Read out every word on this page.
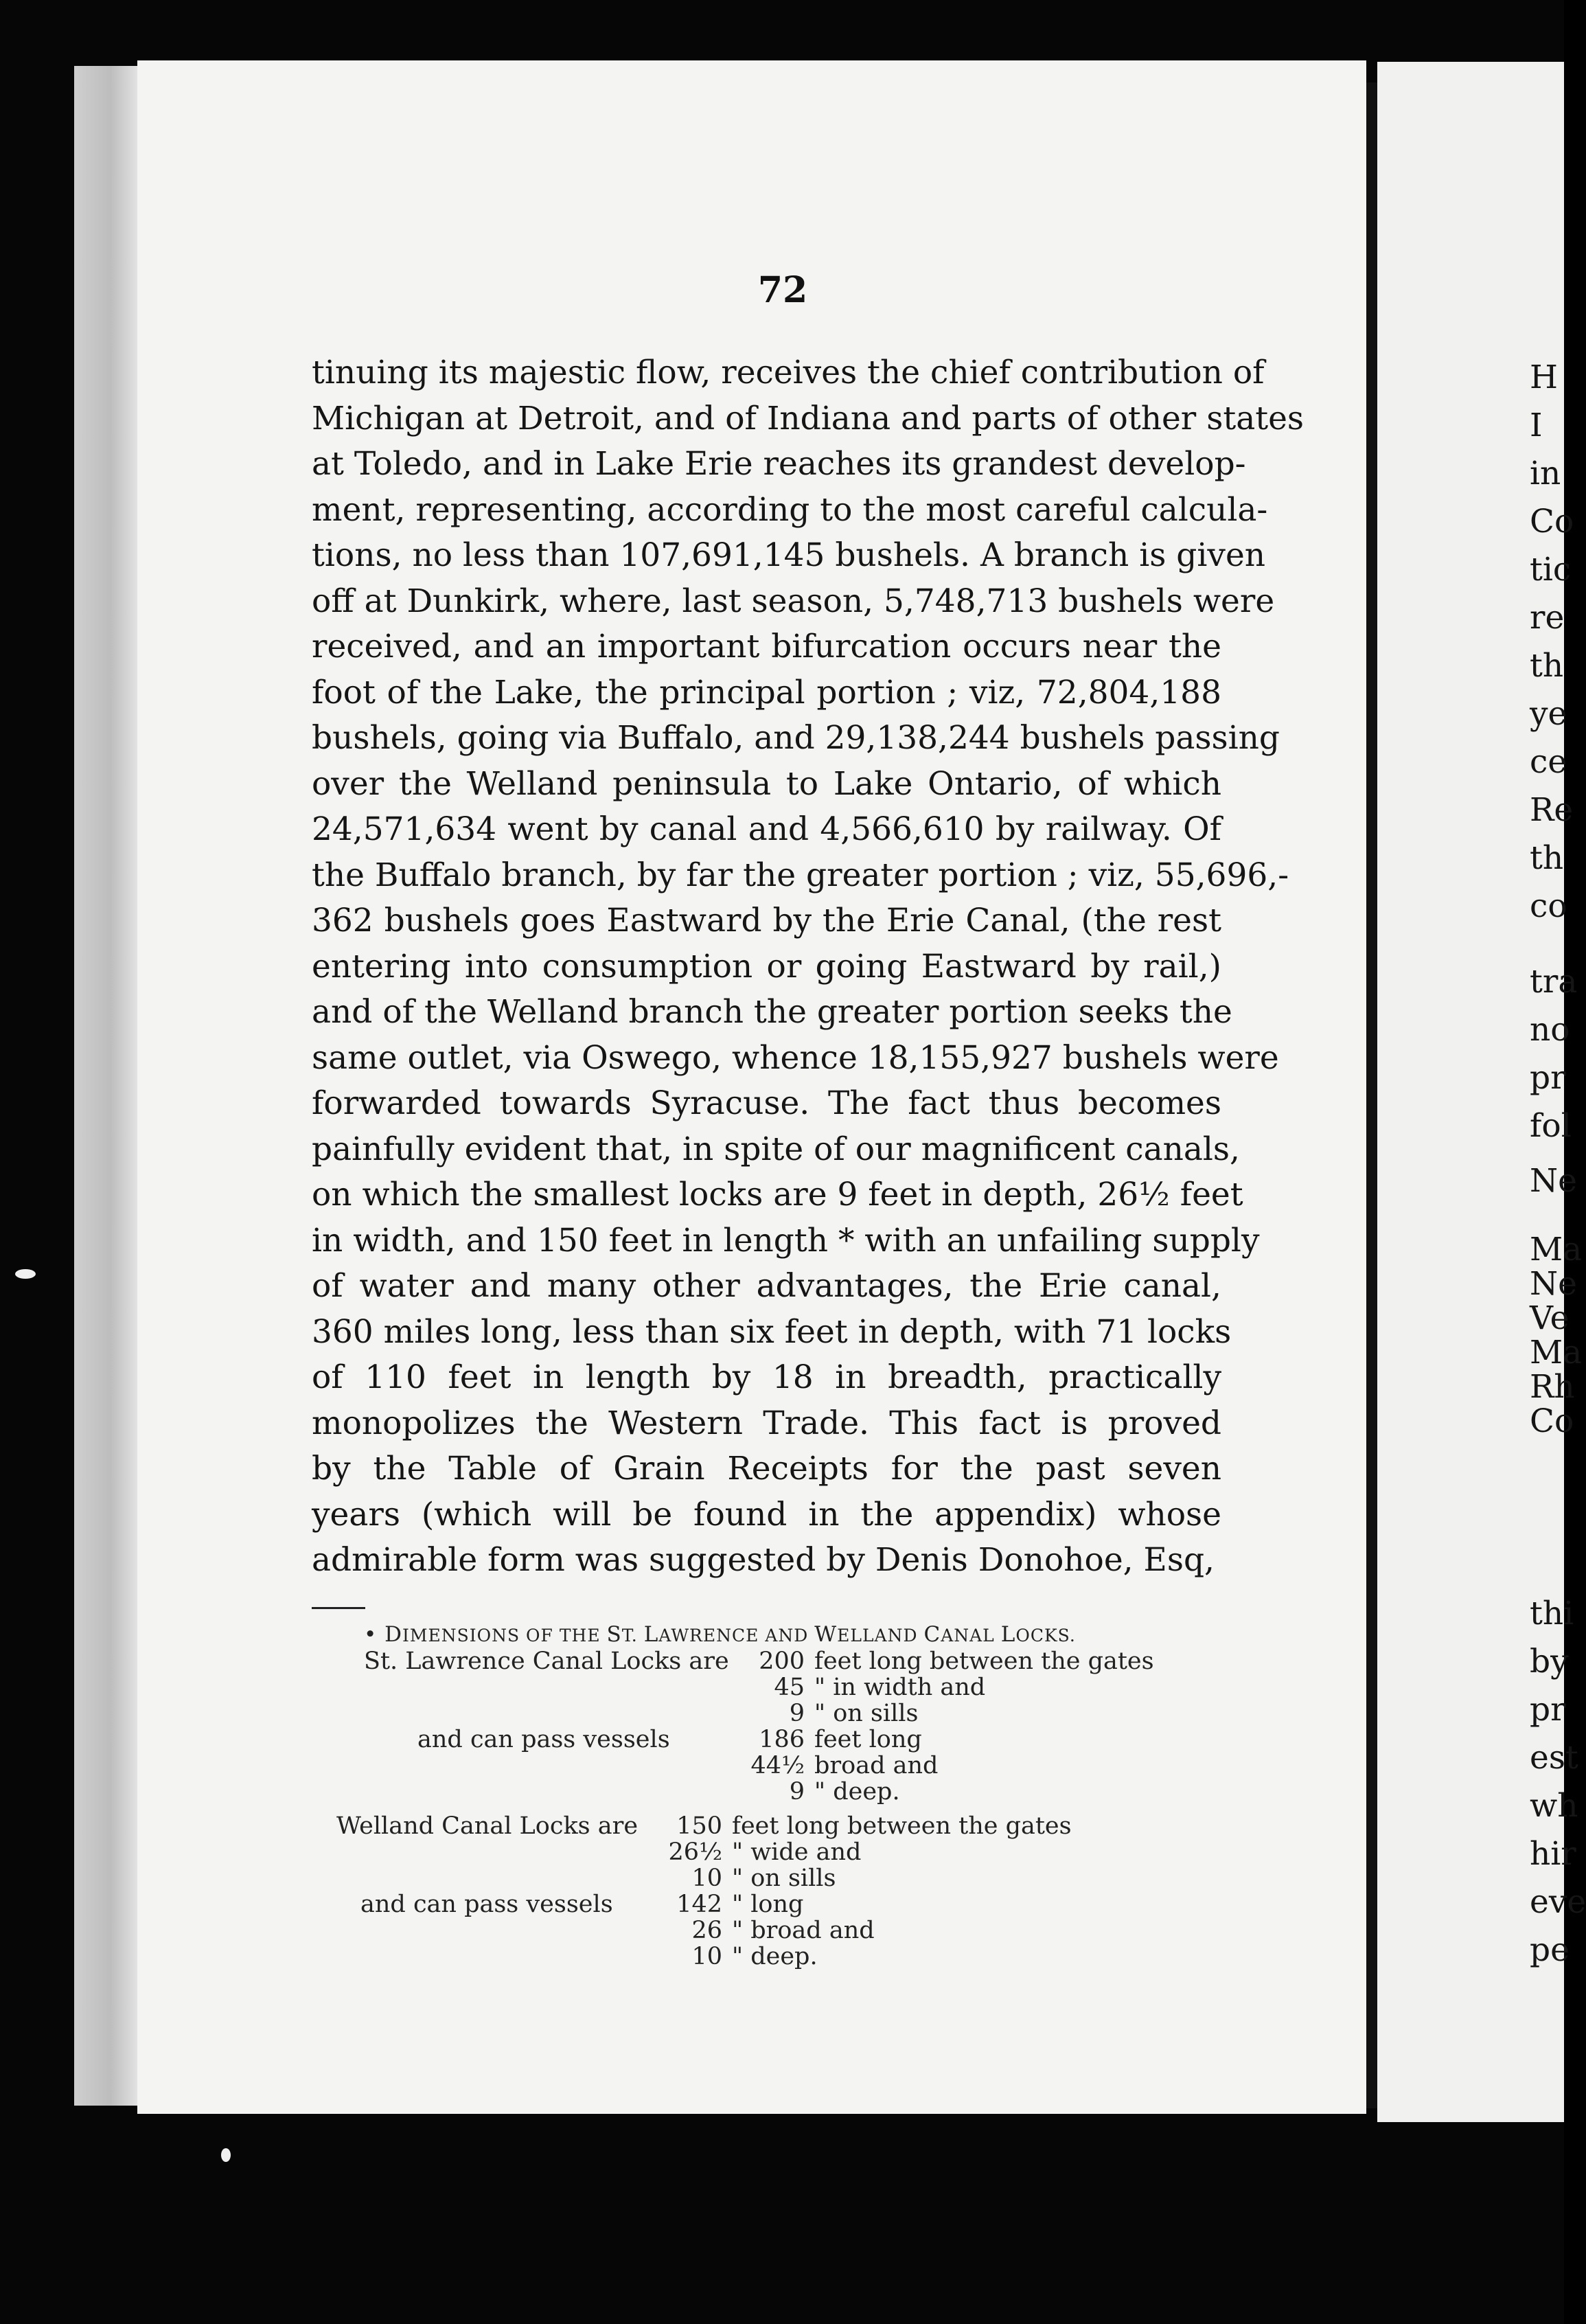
72
tinuing its majestic flow, receives the chief contribution of
Michigan at Detroit, and of Indiana and parts of other states
at Toledo, and in Lake Erie reaches its grandest develop-
ment, representing, according to the most careful calcula-
tions, no less than 107,691,145 bushels. A branch is given
off at Dunkirk, where, last season, 5,748,713 bushels were
received, and an important bifurcation occurs near the
foot of the Lake, the principal portion ; viz, 72,804,188
bushels, going via Buffalo, and 29,138,244 bushels passing
over the Welland peninsula to Lake Ontario, of which
24,571,634 went by canal and 4,566,610 by railway. Of
the Buffalo branch, by far the greater portion ; viz, 55,696,-
362 bushels goes Eastward by the Erie Canal, (the rest
entering into consumption or going Eastward by rail,)
and of the Welland branch the greater portion seeks the
same outlet, via Oswego, whence 18,155,927 bushels were
forwarded towards Syracuse. The fact thus becomes
painfully evident that, in spite of our magnificent canals,
on which the smallest locks are 9 feet in depth, 26½ feet
in width, and 150 feet in length * with an unfailing supply
of water and many other advantages, the Erie canal,
360 miles long, less than six feet in depth, with 71 locks
of 110 feet in length by 18 in breadth, practically
monopolizes the Western Trade. This fact is proved
by the Table of Grain Receipts for the past seven
years (which will be found in the appendix) whose
admirable form was suggested by Denis Donohoe, Esq,
• DIMENSIONS OF THE ST. LAWRENCE AND WELLAND CANAL LOCKS.
St. Lawrence Canal Locks are	200 feet long between the gates
45 " in width and
9 " on sills
and can pass vessels	186 feet long
44½ broad and
9 " deep.
Welland Canal Locks are	150 feet long between the gates
26½ " wide and
10 " on sills
and can pass vessels	142 " long
26 " broad and
10 " deep.
H
I
in
Co
tic
re
th
ye
ce
Re
th
co
tra
no
pr
fol
Ne
Ma
Ne
Ve
Ma
Rh
Co
thi
by
pr
est
wh
hir
eve
pe
